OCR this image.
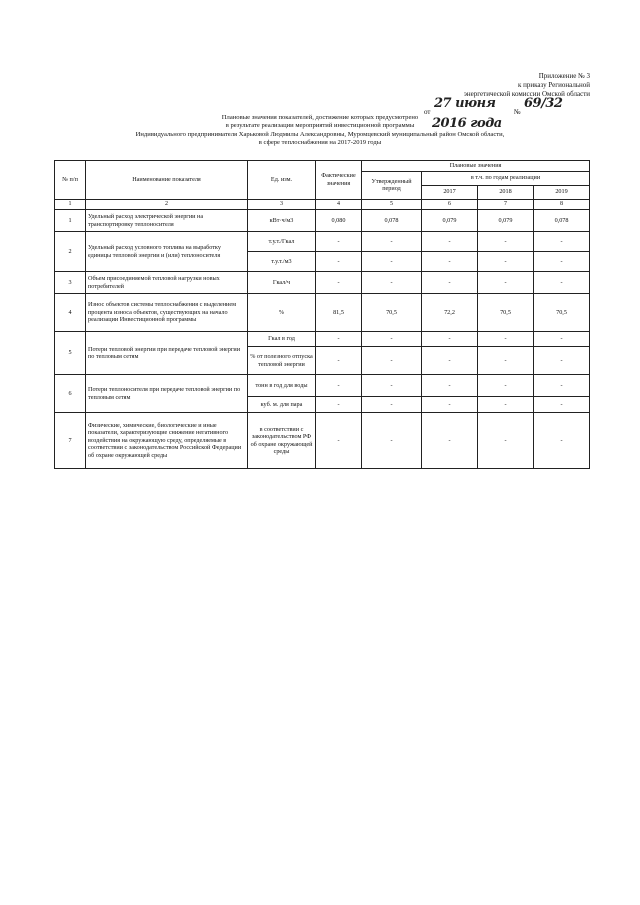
Приложение № 3
к приказу Региональной
энергетической комиссии Омской области
от
27 июня
№
69/32
2016 года
Плановые значения показателей, достижение которых предусмотрено
в результате реализации мероприятий инвестиционной программы
Индивидуального предпринимателя Харьковой Людмилы Александровны, Муромцевский муниципальный район Омской области,
в сфере теплоснабжения на 2017-2019 годы
№ п/п	Наименование показателя	Ед. изм.	Фактические значения	Плановые значения			
				Утвержденный период	в т.ч. по годам реализации		
					2017	2018	2019
1	2	3	4	5	6	7	8
1	Удельный расход электрической энергии на транспортировку теплоносителя	кВт·ч/м3	0,080	0,078	0,079	0,079	0,078
2	Удельный расход условного топлива на выработку единицы тепловой энергии и (или) теплоносителя	т.у.т./Гкал	-	-	-	-	-
		т.у.т./м3	-	-	-	-	-
3	Объем присоединяемой тепловой нагрузки новых потребителей	Гкал/ч	-	-	-	-	-
4	Износ объектов системы теплоснабжения с выделением процента износа объектов, существующих на начало реализации Инвестиционной программы	%	81,5	70,5	72,2	70,5	70,5
5	Потери тепловой энергии при передаче тепловой энергии по тепловым сетям	Гкал в год	-	-	-	-	-
		% от полезного отпуска тепловой энергии	-	-	-	-	-
6	Потери теплоносителя при передаче тепловой энергии по тепловым сетям	тонн в год для воды	-	-	-	-	-
		куб. м. для пара	-	-	-	-	-
7	Физические, химические, биологические и иные показатели, характеризующие снижение негативного воздействия на окружающую среду, определяемые в соответствии с законодательством Российской Федерации об охране окружающей среды	в соответствии с законодательством РФ об охране окружающей среды	-	-	-	-	-
